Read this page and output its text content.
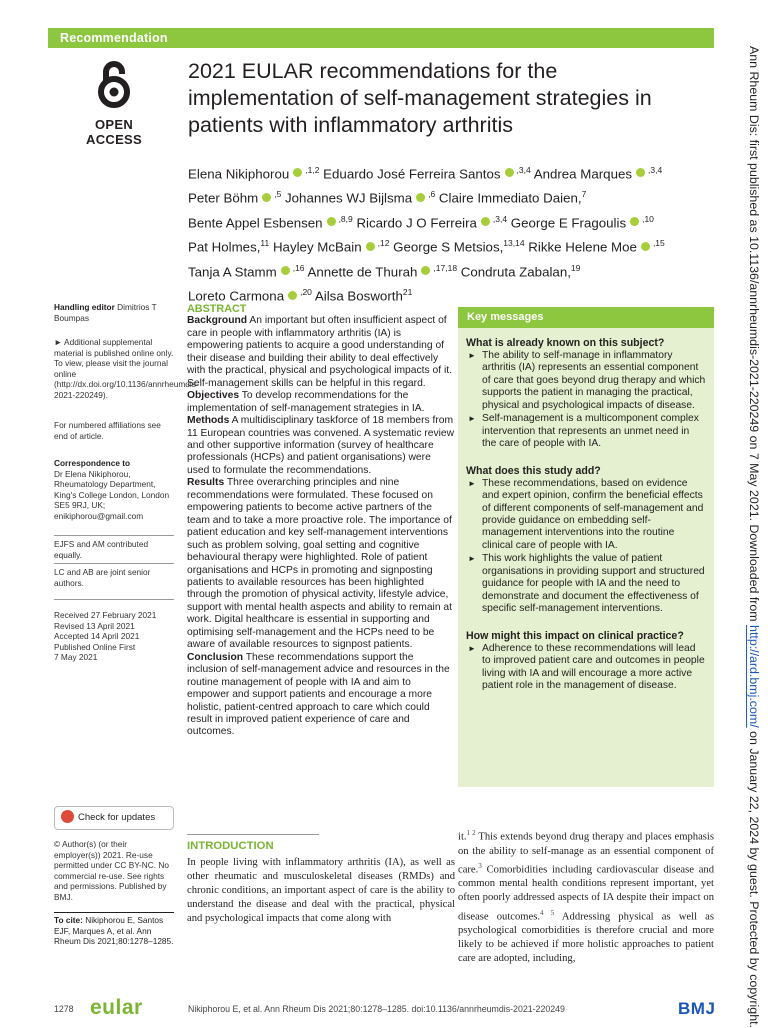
Recommendation
OPEN ACCESS
2021 EULAR recommendations for the implementation of self-management strategies in patients with inflammatory arthritis
Elena Nikiphorou $^{,1,2}$ Eduardo José Ferreira Santos $^{,3,4}$ Andrea Marques $^{,3,4}$
Peter Böhm $^{,5}$ Johannes WJ Bijlsma $^{,6}$ Claire Immediato Daien,$^7$
Bente Appel Esbensen $^{,8,9}$ Ricardo J O Ferreira $^{,3,4}$ George E Fragoulis $^{,10}$
Pat Holmes,$^{11}$ Hayley McBain $^{,12}$ George S Metsios,$^{13,14}$ Rikke Helene Moe $^{,15}$
Tanja A Stamm $^{,16}$ Annette de Thurah $^{,17,18}$ Condruta Zabalan,$^{19}$
Loreto Carmona $^{,20}$ Ailsa Bosworth$^{21}$
Handling editor Dimitrios T Boumpas
► Additional supplemental material is published online only. To view, please visit the journal online (http://dx.doi.org/10.1136/annrheumdis-2021-220249).
For numbered affiliations see end of article.
Correspondence to
Dr Elena Nikiphorou, Rheumatology Department, King's College London, London SE5 9RJ, UK; enikiphorou@gmail.com
EJFS and AM contributed equally.
LC and AB are joint senior authors.
Received 27 February 2021
Revised 13 April 2021
Accepted 14 April 2021
Published Online First
7 May 2021
Check for updates
© Author(s) (or their employer(s)) 2021. Re-use permitted under CC BY-NC. No commercial re-use. See rights and permissions. Published by BMJ.
To cite: Nikiphorou E, Santos EJF, Marques A, et al. Ann Rheum Dis 2021;80:1278–1285.
ABSTRACT
Background An important but often insufficient aspect of care in people with inflammatory arthritis (IA) is empowering patients to acquire a good understanding of their disease and building their ability to deal effectively with the practical, physical and psychological impacts of it. Self-management skills can be helpful in this regard.
Objectives To develop recommendations for the implementation of self-management strategies in IA.
Methods A multidisciplinary taskforce of 18 members from 11 European countries was convened. A systematic review and other supportive information (survey of healthcare professionals (HCPs) and patient organisations) were used to formulate the recommendations.
Results Three overarching principles and nine recommendations were formulated. These focused on empowering patients to become active partners of the team and to take a more proactive role. The importance of patient education and key self-management interventions such as problem solving, goal setting and cognitive behavioural therapy were highlighted. Role of patient organisations and HCPs in promoting and signposting patients to available resources has been highlighted through the promotion of physical activity, lifestyle advice, support with mental health aspects and ability to remain at work. Digital healthcare is essential in supporting and optimising self-management and the HCPs need to be aware of available resources to signpost patients.
Conclusion These recommendations support the inclusion of self-management advice and resources in the routine management of people with IA and aim to empower and support patients and encourage a more holistic, patient-centred approach to care which could result in improved patient experience of care and outcomes.
Key messages
What is already known on this subject?
► The ability to self-manage in inflammatory arthritis (IA) represents an essential component of care that goes beyond drug therapy and which supports the patient in managing the practical, physical and psychological impacts of disease.
► Self-management is a multicomponent complex intervention that represents an unmet need in the care of people with IA.
What does this study add?
► These recommendations, based on evidence and expert opinion, confirm the beneficial effects of different components of self-management and provide guidance on embedding self-management interventions into the routine clinical care of people with IA.
► This work highlights the value of patient organisations in providing support and structured guidance for people with IA and the need to demonstrate and document the effectiveness of specific self-management interventions.
How might this impact on clinical practice?
► Adherence to these recommendations will lead to improved patient care and outcomes in people living with IA and will encourage a more active patient role in the management of disease.
INTRODUCTION
In people living with inflammatory arthritis (IA), as well as other rheumatic and musculoskeletal diseases (RMDs) and chronic conditions, an important aspect of care is the ability to understand the disease and deal with the practical, physical and psychological impacts that come along with
it.$^{1 2}$ This extends beyond drug therapy and places emphasis on the ability to self-manage as an essential component of care.$^3$ Comorbidities including cardiovascular disease and common mental health conditions represent important, yet often poorly addressed aspects of IA despite their impact on disease outcomes.$^{4 5}$ Addressing physical as well as psychological comorbidities is therefore crucial and more likely to be achieved if more holistic approaches to patient care are adopted, including,
1278 eular	Nikiphorou E, et al. Ann Rheum Dis 2021;80:1278–1285. doi:10.1136/annrheumdis-2021-220249	BMJ
Ann Rheum Dis: first published as 10.1136/annrheumdis-2021-220249 on 7 May 2021. Downloaded from http://ard.bmj.com/ on January 22, 2024 by guest. Protected by copyright.
